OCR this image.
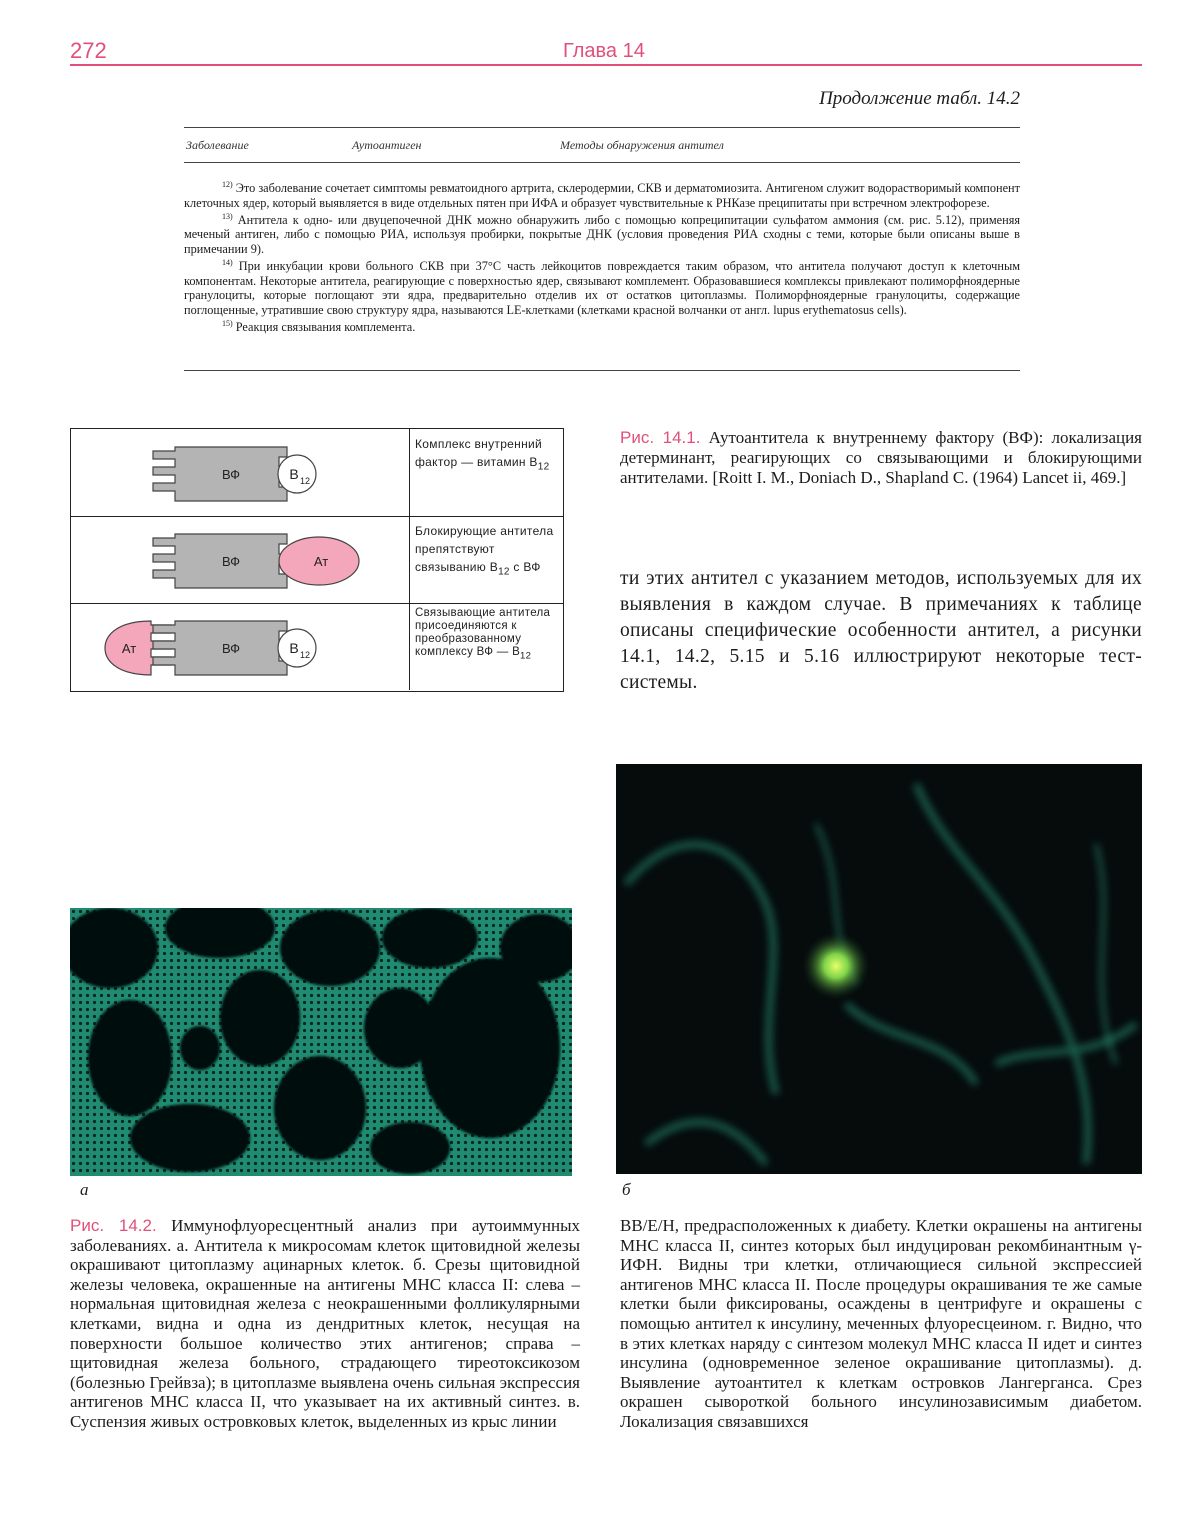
272	Глава 14
Продолжение табл. 14.2
Заболевание	Аутоантиген	Методы обнаружения антител

$^{12)}$ Это заболевание сочетает симптомы ревматоидного артрита, склеродермии, СКВ и дерматомиозита. Антигеном служит водорастворимый компонент клеточных ядер, который выявляется в виде отдельных пятен при ИФА и образует чувствительные к РНКазе преципитаты при встречном электрофорезе.

$^{13)}$ Антитела к одно- или двуцепочечной ДНК можно обнаружить либо с помощью копреципитации сульфатом аммония (см. рис. 5.12), применяя меченый антиген, либо с помощью РИА, используя пробирки, покрытые ДНК (условия проведения РИА сходны с теми, которые были описаны выше в примечании 9).

$^{14)}$ При инкубации крови больного СКВ при 37°С часть лейкоцитов повреждается таким образом, что антитела получают доступ к клеточным компонентам. Некоторые антитела, реагирующие с поверхностью ядер, связывают комплемент. Образовавшиеся комплексы привлекают полиморфноядерные гранулоциты, которые поглощают эти ядра, предварительно отделив их от остатков цитоплазмы. Полиморфноядерные гранулоциты, содержащие поглощенные, утратившие свою структуру ядра, называются LE-клетками (клетками красной волчанки от англ. lupus erythematosus cells).

$^{15)}$ Реакция связывания комплемента.

ВФ	B 12
Комплекс внутренний фактор — витамин $B_{12}$
ВФ	Ат
Блокирующие антитела препятствуют связыванию $B_{12}$ с ВФ
Ат	ВФ	B 12
Связывающие антитела присоединяются к преобразованному комплексу ВФ — $B_{12}$
Рис. 14.1. Аутоантитела к внутреннему фактору (ВФ): локализация детерминант, реагирующих со связывающими и блокирующими антителами. [Roitt I. M., Doniach D., Shapland C. (1964) Lancet ii, 469.]
ти этих антител с указанием методов, используемых для их выявления в каждом случае. В примечаниях к таблице описаны специфические особенности антител, а рисунки 14.1, 14.2, 5.15 и 5.16 иллюстрируют некоторые тест-системы.
а	б
Рис. 14.2. Иммунофлуоресцентный анализ при аутоиммунных заболеваниях. а. Антитела к микросомам клеток щитовидной железы окрашивают цитоплазму ацинарных клеток. б. Срезы щитовидной железы человека, окрашенные на антигены МНС класса II: слева – нормальная щитовидная железа с неокрашенными фолликулярными клетками, видна и одна из дендритных клеток, несущая на поверхности большое количество этих антигенов; справа – щитовидная железа больного, страдающего тиреотоксикозом (болезнью Грейвза); в цитоплазме выявлена очень сильная экспрессия антигенов МНС класса II, что указывает на их активный синтез. в. Суспензия живых островковых клеток, выделенных из крыс линии
BB/E/H, предрасположенных к диабету. Клетки окрашены на антигены МНС класса II, синтез которых был индуцирован рекомбинантным γ-ИФН. Видны три клетки, отличающиеся сильной экспрессией антигенов МНС класса II. После процедуры окрашивания те же самые клетки были фиксированы, осаждены в центрифуге и окрашены с помощью антител к инсулину, меченных флуоресцеином. г. Видно, что в этих клетках наряду с синтезом молекул МНС класса II идет и синтез инсулина (одновременное зеленое окрашивание цитоплазмы). д. Выявление аутоантител к клеткам островков Лангерганса. Срез окрашен сывороткой больного инсулинозависимым диабетом. Локализация связавшихся
